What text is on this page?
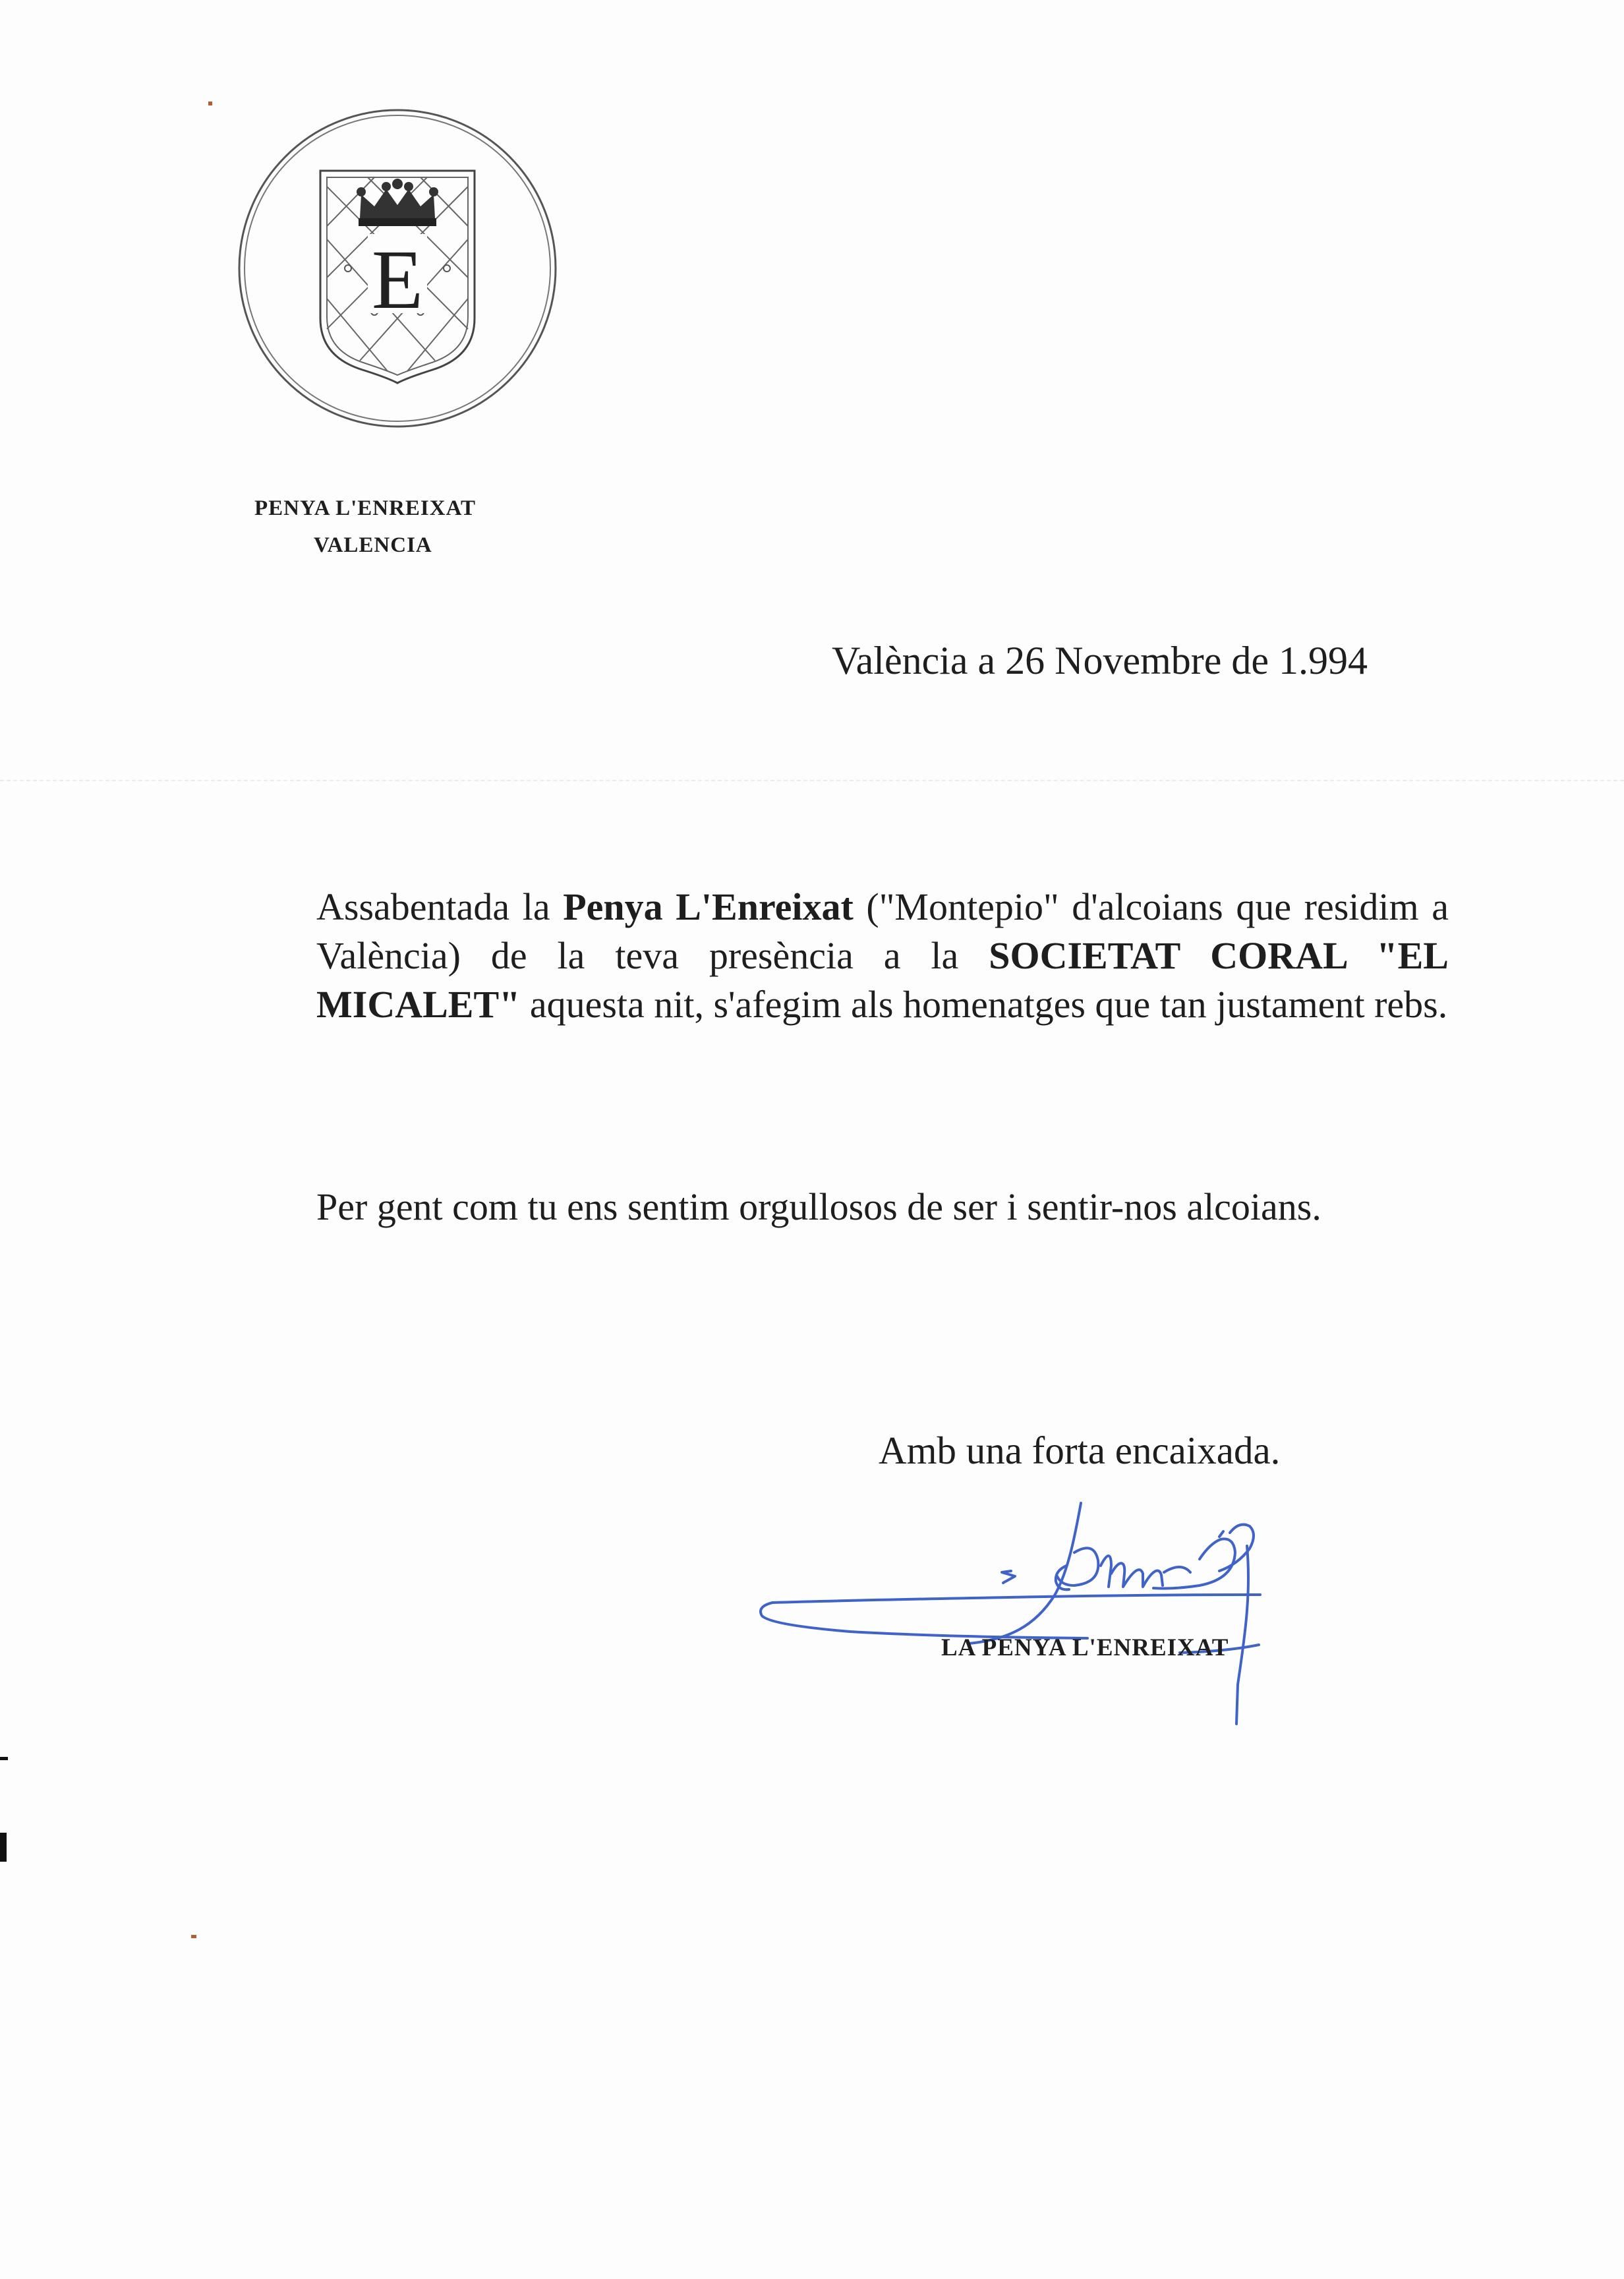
E
PENYA L'ENREIXAT
VALENCIA
València a 26 Novembre de 1.994
Assabentada la Penya L'Enreixat ("Montepio" d'alcoians que residim a València) de la teva presència a la SOCIETAT CORAL "EL MICALET" aquesta nit, s'afegim als homenatges que tan justament rebs.
Per gent com tu ens sentim orgullosos de ser i sentir-nos alcoians.
Amb una forta encaixada.
LA PENYA L'ENREIXAT
